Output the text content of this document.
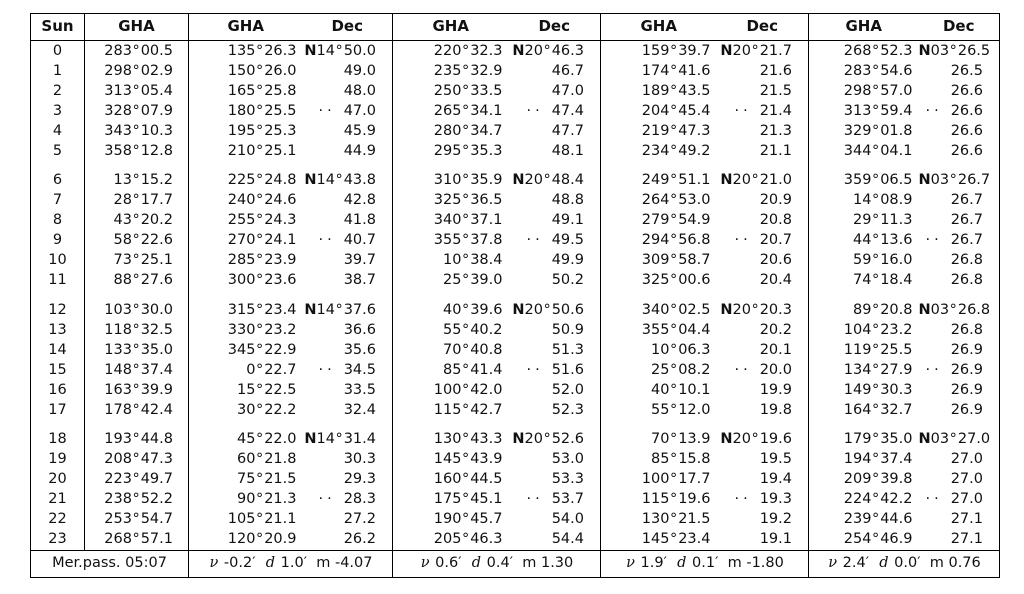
Sun	GHA	GHA	Dec	GHA	Dec	GHA	Dec	GHA	Dec
0	283°00.5	135°26.3	N14°50.0	220°32.3	N20°46.3	159°39.7	N20°21.7	268°52.3	N03°26.5
1	298°02.9	150°26.0	49.0	235°32.9	46.7	174°41.6	21.6	283°54.6	26.5
2	313°05.4	165°25.8	48.0	250°33.5	47.0	189°43.5	21.5	298°57.0	26.6
3	328°07.9	180°25.5	·· 47.0	265°34.1	·· 47.4	204°45.4	·· 21.4	313°59.4	·· 26.6
4	343°10.3	195°25.3	45.9	280°34.7	47.7	219°47.3	21.3	329°01.8	26.6
5	358°12.8	210°25.1	44.9	295°35.3	48.1	234°49.2	21.1	344°04.1	26.6
6	13°15.2	225°24.8	N14°43.8	310°35.9	N20°48.4	249°51.1	N20°21.0	359°06.5	N03°26.7
7	28°17.7	240°24.6	42.8	325°36.5	48.8	264°53.0	20.9	14°08.9	26.7
8	43°20.2	255°24.3	41.8	340°37.1	49.1	279°54.9	20.8	29°11.3	26.7
9	58°22.6	270°24.1	·· 40.7	355°37.8	·· 49.5	294°56.8	·· 20.7	44°13.6	·· 26.7
10	73°25.1	285°23.9	39.7	10°38.4	49.9	309°58.7	20.6	59°16.0	26.8
11	88°27.6	300°23.6	38.7	25°39.0	50.2	325°00.6	20.4	74°18.4	26.8
12	103°30.0	315°23.4	N14°37.6	40°39.6	N20°50.6	340°02.5	N20°20.3	89°20.8	N03°26.8
13	118°32.5	330°23.2	36.6	55°40.2	50.9	355°04.4	20.2	104°23.2	26.8
14	133°35.0	345°22.9	35.6	70°40.8	51.3	10°06.3	20.1	119°25.5	26.9
15	148°37.4	0°22.7	·· 34.5	85°41.4	·· 51.6	25°08.2	·· 20.0	134°27.9	·· 26.9
16	163°39.9	15°22.5	33.5	100°42.0	52.0	40°10.1	19.9	149°30.3	26.9
17	178°42.4	30°22.2	32.4	115°42.7	52.3	55°12.0	19.8	164°32.7	26.9
18	193°44.8	45°22.0	N14°31.4	130°43.3	N20°52.6	70°13.9	N20°19.6	179°35.0	N03°27.0
19	208°47.3	60°21.8	30.3	145°43.9	53.0	85°15.8	19.5	194°37.4	27.0
20	223°49.7	75°21.5	29.3	160°44.5	53.3	100°17.7	19.4	209°39.8	27.0
21	238°52.2	90°21.3	·· 28.3	175°45.1	·· 53.7	115°19.6	·· 19.3	224°42.2	·· 27.0
22	253°54.7	105°21.1	27.2	190°45.7	54.0	130°21.5	19.2	239°44.6	27.1
23	268°57.1	120°20.9	26.2	205°46.3	54.4	145°23.4	19.1	254°46.9	27.1
Mer.pass. 05:07		ν -0.2′  d 1.0′  m -4.07		ν 0.6′  d 0.4′  m 1.30		ν 1.9′  d 0.1′  m -1.80		ν 2.4′  d 0.0′  m 0.76	
